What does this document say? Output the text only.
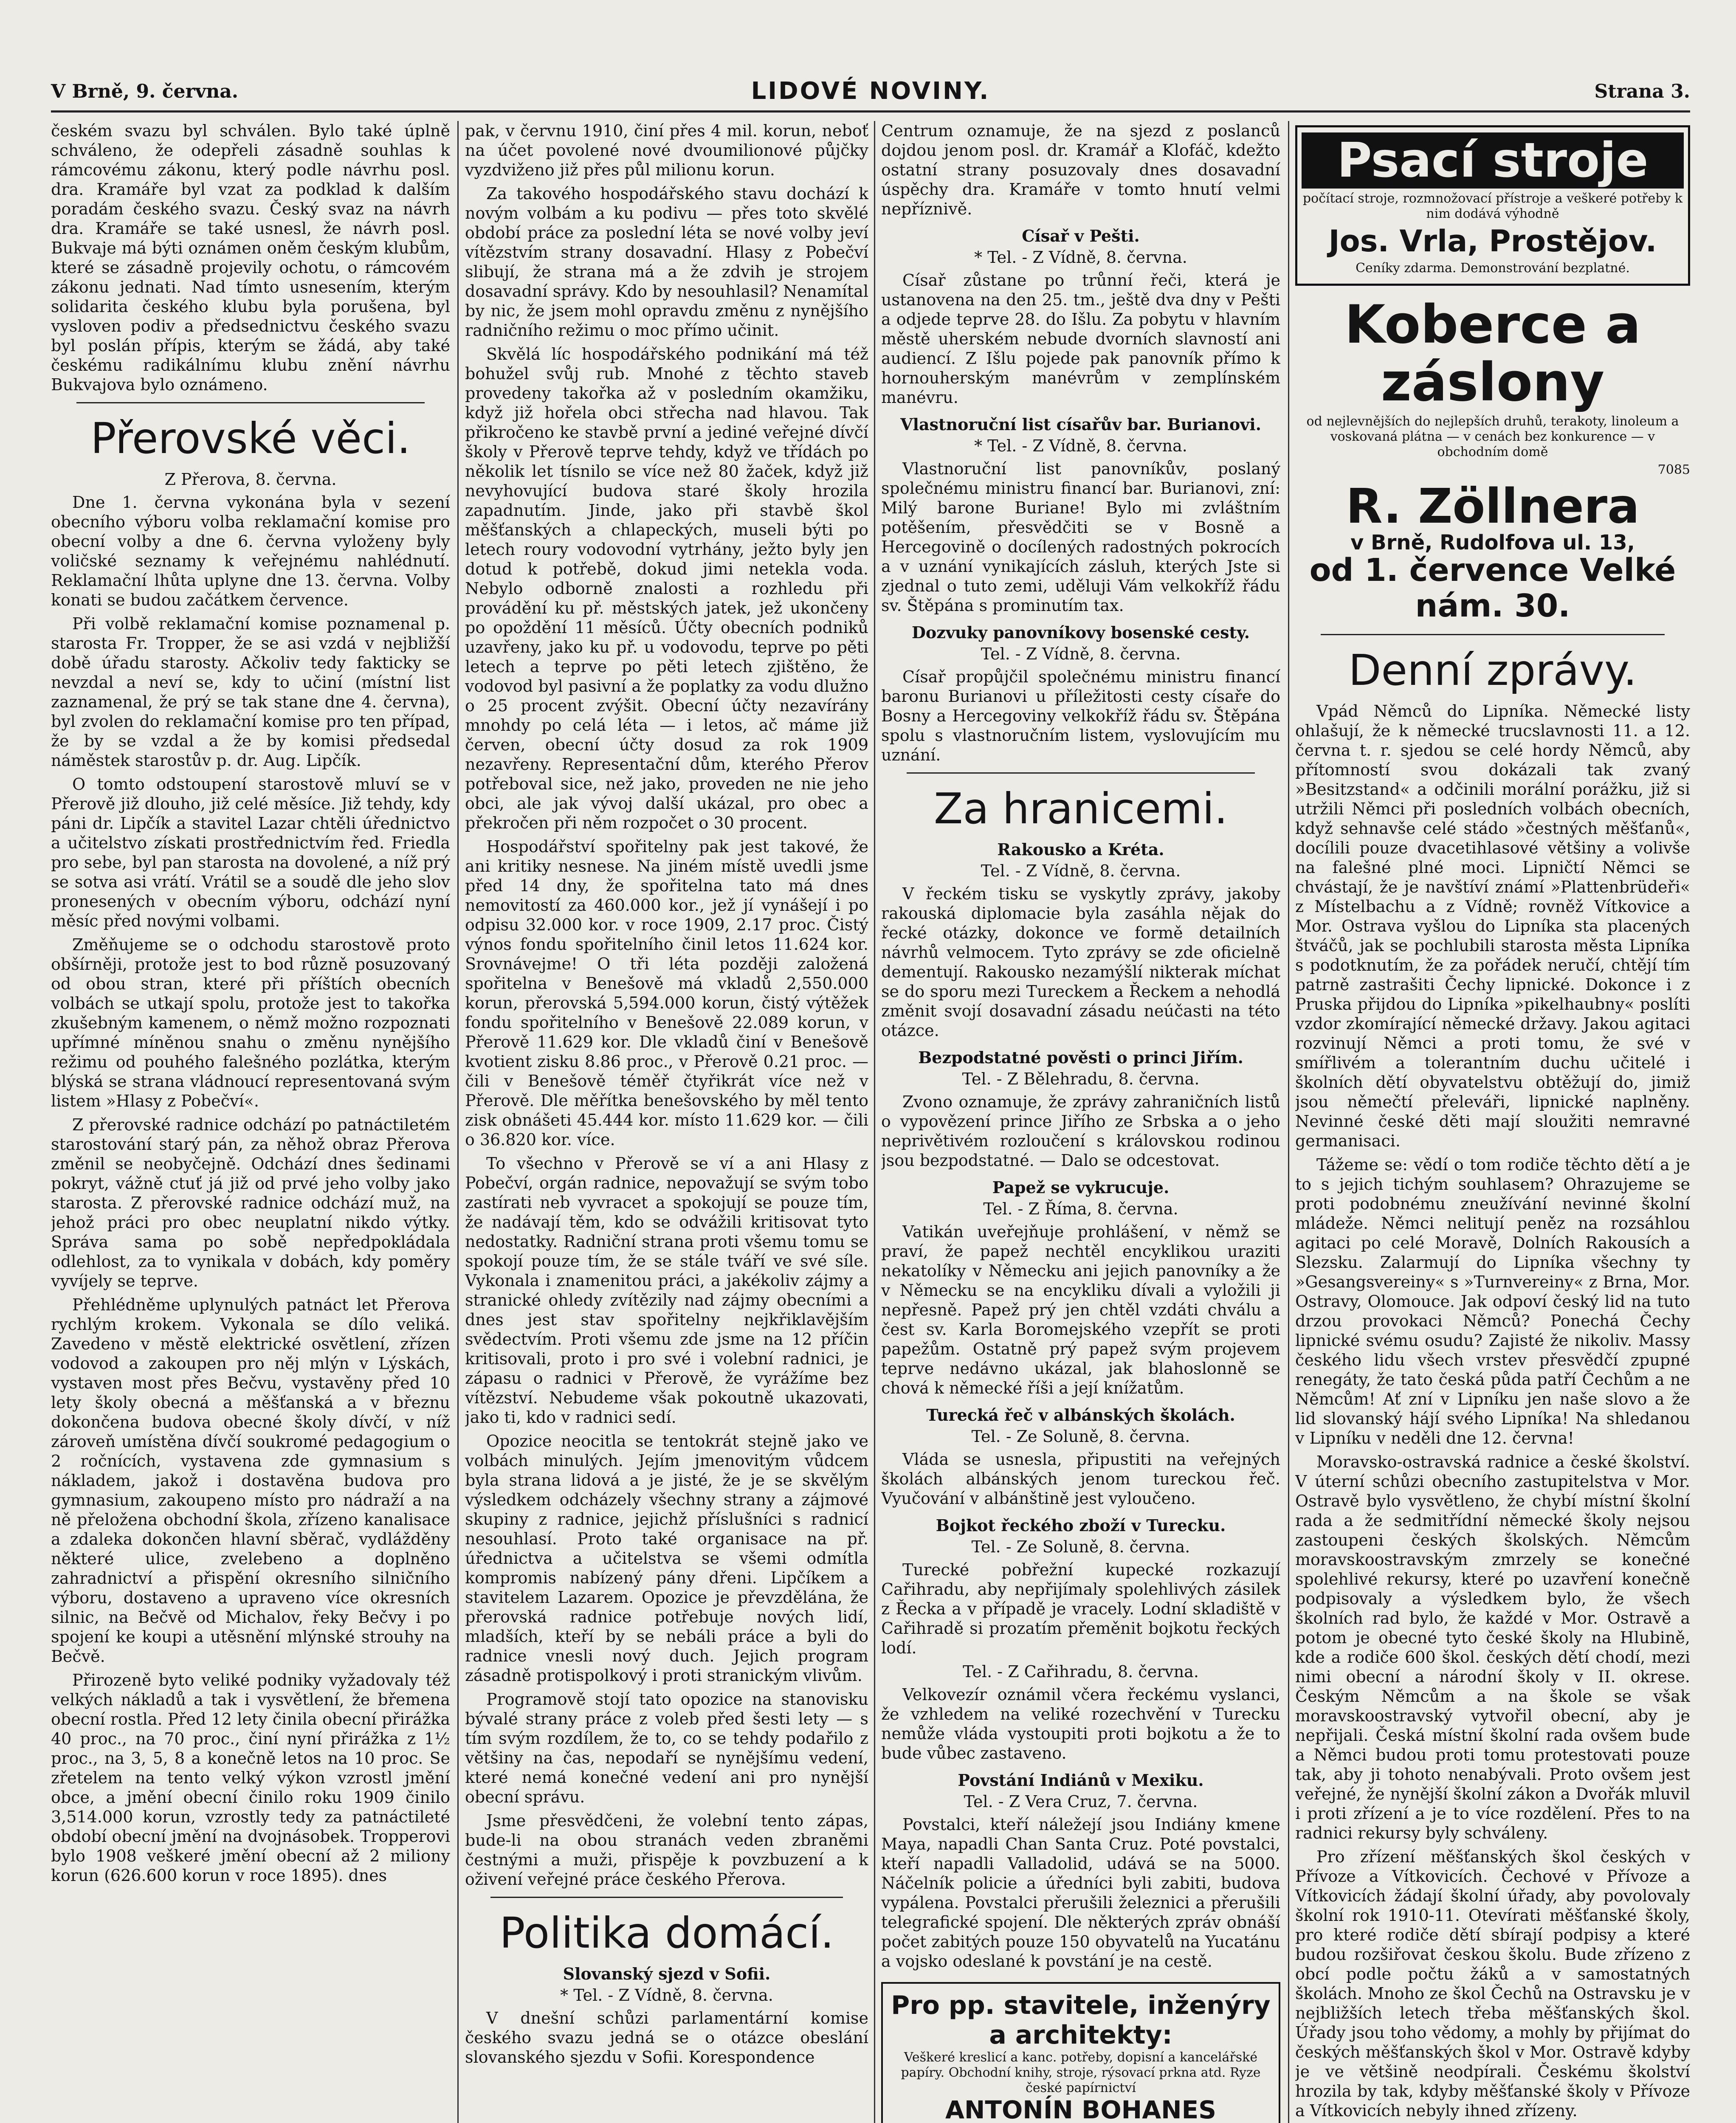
V Brně, 9. června.	LIDOVÉ NOVINY.	Strana 3.

českém svazu byl schválen. Bylo také úplně schváleno, že odepřeli zásadně souhlas k rámcovému zákonu, který podle návrhu posl. dra. Kramáře byl vzat za podklad k dalším poradám českého svazu. Český svaz na návrh dra. Kramáře se také usnesl, že návrh posl. Bukvaje má býti oznámen oněm českým klubům, které se zásadně projevily ochotu, o rámcovém zákonu jednati. Nad tímto usnesením, kterým solidarita českého klubu byla porušena, byl vysloven podiv a předsednictvu českého svazu byl poslán přípis, kterým se žádá, aby také českému radikálnímu klubu znění návrhu Bukvajova bylo oznámeno.

Přerovské věci.
Z Přerova, 8. června.

Dne 1. června vykonána byla v sezení obecního výboru volba reklamační komise pro obecní volby a dne 6. června vyloženy byly voličské seznamy k veřejnému nahlédnutí. Reklamační lhůta uplyne dne 13. června. Volby konati se budou začátkem července.

Při volbě reklamační komise poznamenal p. starosta Fr. Tropper, že se asi vzdá v nejbližší době úřadu starosty. Ačkoliv tedy fakticky se nevzdal a neví se, kdy to učiní (místní list zaznamenal, že prý se tak stane dne 4. června), byl zvolen do reklamační komise pro ten případ, že by se vzdal a že by komisi předsedal náměstek starostův p. dr. Aug. Lipčík.

O tomto odstoupení starostově mluví se v Přerově již dlouho, již celé měsíce. Již tehdy, kdy páni dr. Lipčík a stavitel Lazar chtěli úřednictvo a učitelstvo získati prostřednictvím řed. Friedla pro sebe, byl pan starosta na dovolené, a níž prý se sotva asi vrátí. Vrátil se a soudě dle jeho slov pronesených v obecním výboru, odchází nyní měsíc před novými volbami.

Změňujeme se o odchodu starostově proto obšírněji, protože jest to bod různě posuzovaný od obou stran, které při příštích obecních volbách se utkají spolu, protože jest to takořka zkušebným kamenem, o němž možno rozpoznati upřímné míněnou snahu o změnu nynějšího režimu od pouhého falešného pozlátka, kterým blýská se strana vládnoucí representovaná svým listem »Hlasy z Pobečví«.

Z přerovské radnice odchází po patnáctiletém starostování starý pán, za něhož obraz Přerova změnil se neobyčejně. Odchází dnes šedinami pokryt, vážně ctuť já již od prvé jeho volby jako starosta. Z přerovské radnice odchází muž, na jehož práci pro obec neuplatní nikdo výtky. Správa sama po sobě nepředpokládala odlehlost, za to vynikala v dobách, kdy poměry vyvíjely se teprve.

Přehlédněme uplynulých patnáct let Přerova rychlým krokem. Vykonala se dílo veliká. Zavedeno v městě elektrické osvětlení, zřízen vodovod a zakoupen pro něj mlýn v Lýskách, vystaven most přes Bečvu, vystavěny před 10 lety školy obecná a měšťanská a v březnu dokončena budova obecné školy dívčí, v níž zároveň umístěna dívčí soukromé pedagogium o 2 ročnících, vystavena zde gymnasium s nákladem, jakož i dostavěna budova pro gymnasium, zakoupeno místo pro nádraží a na ně přeložena obchodní škola, zřízeno kanalisace a zdaleka dokončen hlavní sběrač, vydlážděny některé ulice, zvelebeno a doplněno zahradnictví a přispění okresního silničního výboru, dostaveno a upraveno více okresních silnic, na Bečvě od Michalov, řeky Bečvy i po spojení ke koupi a utěsnění mlýnské strouhy na Bečvě.

Přirozeně byto veliké podniky vyžadovaly též velkých nákladů a tak i vysvětlení, že břemena obecní rostla. Před 12 lety činila obecní přirážka 40 proc., na 70 proc., činí nyní přirážka z 1½ proc., na 3, 5, 8 a konečně letos na 10 proc. Se zřetelem na tento velký výkon vzrostl jmění obce, a jmění obecní činilo roku 1909 činilo 3,514.000 korun, vzrostly tedy za patnáctileté období obecní jmění na dvojnásobek. Tropperovi bylo 1908 veškeré jmění obecní až 2 miliony korun (626.600 korun v roce 1895). dnes

pak, v červnu 1910, činí přes 4 mil. korun, neboť na účet povolené nové dvoumilionové půjčky vyzdviženo již přes půl milionu korun.

Za takového hospodářského stavu dochází k novým volbám a ku podivu — přes toto skvělé období práce za poslední léta se nové volby jeví vítězstvím strany dosavadní. Hlasy z Pobečví slibují, že strana má a že zdvih je strojem dosavadní správy. Kdo by nesouhlasil? Nenamítal by nic, že jsem mohl opravdu změnu z nynějšího radničního režimu o moc přímo učinit.

Skvělá líc hospodářského podnikání má též bohužel svůj rub. Mnohé z těchto staveb provedeny takořka až v posledním okamžiku, když již hořela obci střecha nad hlavou. Tak přikročeno ke stavbě první a jediné veřejné dívčí školy v Přerově teprve tehdy, když ve třídách po několik let tísnilo se více než 80 žaček, když již nevyhovující budova staré školy hrozila zapadnutím. Jinde, jako při stavbě škol měšťanských a chlapeckých, museli býti po letech roury vodovodní vytrhány, ježto byly jen dotud k potřebě, dokud jimi netekla voda. Nebylo odborně znalosti a rozhledu při provádění ku př. městských jatek, jež ukončeny po opoždění 11 měsíců. Účty obecních podniků uzavřeny, jako ku př. u vodovodu, teprve po pěti letech a teprve po pěti letech zjištěno, že vodovod byl pasivní a že poplatky za vodu dlužno o 25 procent zvýšit. Obecní účty nezavírány mnohdy po celá léta — i letos, ač máme již červen, obecní účty dosud za rok 1909 nezavřeny. Representační dům, kterého Přerov potřeboval sice, než jako, proveden ne nie jeho obci, ale jak vývoj další ukázal, pro obec a překročen při něm rozpočet o 30 procent.

Hospodářství spořitelny pak jest takové, že ani kritiky nesnese. Na jiném místě uvedli jsme před 14 dny, že spořitelna tato má dnes nemovitostí za 460.000 kor., jež jí vynášejí i po odpisu 32.000 kor. v roce 1909, 2.17 proc. Čistý výnos fondu spořitelního činil letos 11.624 kor. Srovnávejme! O tři léta později založená spořitelna v Benešově má vkladů 2,550.000 korun, přerovská 5,594.000 korun, čistý výtěžek fondu spořitelního v Benešově 22.089 korun, v Přerově 11.629 kor. Dle vkladů činí v Benešově kvotient zisku 8.86 proc., v Přerově 0.21 proc. — čili v Benešově téměř čtyřikrát více než v Přerově. Dle měřítka benešovského by měl tento zisk obnášeti 45.444 kor. místo 11.629 kor. — čili o 36.820 kor. více.

To všechno v Přerově se ví a ani Hlasy z Pobečví, orgán radnice, nepovažují se svým tobo zastírati neb vyvracet a spokojují se pouze tím, že nadávají těm, kdo se odvážili kritisovat tyto nedostatky. Radniční strana proti všemu tomu se spokojí pouze tím, že se stále tváří ve své síle. Vykonala i znamenitou práci, a jakékoliv zájmy a stranické ohledy zvítězily nad zájmy obecními a dnes jest stav spořitelny nejkřiklavějším svědectvím. Proti všemu zde jsme na 12 příčin kritisovali, proto i pro své i volební radnici, je zápasu o radnici v Přerově, že vyrážíme bez vítězství. Nebudeme však pokoutně ukazovati, jako ti, kdo v radnici sedí.

Opozice neocitla se tentokrát stejně jako ve volbách minulých. Jejím jmenovitým vůdcem byla strana lidová a je jisté, že je se skvělým výsledkem odcházely všechny strany a zájmové skupiny z radnice, jejichž příslušníci s radnicí nesouhlasí. Proto také organisace na př. úřednictva a učitelstva se všemi odmítla kompromis nabízený pány dřeni. Lipčíkem a stavitelem Lazarem. Opozice je převzdělána, že přerovská radnice potřebuje nových lidí, mladších, kteří by se nebáli práce a byli do radnice vnesli nový duch. Jejich program zásadně protispolkový i proti stranickým vlivům.

Programově stojí tato opozice na stanovisku bývalé strany práce z voleb před šesti lety — s tím svým rozdílem, že to, co se tehdy podařilo z většiny na čas, nepodaří se nynějšímu vedení, které nemá konečné vedení ani pro nynější obecní správu.

Jsme přesvědčeni, že volební tento zápas, bude-li na obou stranách veden zbraněmi čestnými a muži, přispěje k povzbuzení a k oživení veřejné práce českého Přerova.

Politika domácí.
Slovanský sjezd v Sofii.
* Tel. - Z Vídně, 8. června.

V dnešní schůzi parlamentární komise českého svazu jedná se o otázce obeslání slovanského sjezdu v Sofii. Korespondence

Centrum oznamuje, že na sjezd z poslanců dojdou jenom posl. dr. Kramář a Klofáč, kdežto ostatní strany posuzovaly dnes dosavadní úspěchy dra. Kramáře v tomto hnutí velmi nepříznivě.

Císař v Pešti.
* Tel. - Z Vídně, 8. června.

Císař zůstane po trůnní řeči, která je ustanovena na den 25. tm., ještě dva dny v Pešti a odjede teprve 28. do Išlu. Za pobytu v hlavním městě uherském nebude dvorních slavností ani audiencí. Z Išlu pojede pak panovník přímo k hornouherským manévrům v zemplínském manévru.

Vlastnoruční list císařův bar. Burianovi.
* Tel. - Z Vídně, 8. června.

Vlastnoruční list panovníkův, poslaný společnému ministru financí bar. Burianovi, zní: Milý barone Buriane! Bylo mi zvláštním potěšením, přesvědčiti se v Bosně a Hercegovině o docílených radostných pokrocích a v uznání vynikajících zásluh, kterých Jste si zjednal o tuto zemi, uděluji Vám velkokříž řádu sv. Štěpána s prominutím tax.

Dozvuky panovníkovy bosenské cesty.
Tel. - Z Vídně, 8. června.

Císař propůjčil společnému ministru financí baronu Burianovi u příležitosti cesty císaře do Bosny a Hercegoviny velkokříž řádu sv. Štěpána spolu s vlastnoručním listem, vyslovujícím mu uznání.

Za hranicemi.
Rakousko a Kréta.
Tel. - Z Vídně, 8. června.

V řeckém tisku se vyskytly zprávy, jakoby rakouská diplomacie byla zasáhla nějak do řecké otázky, dokonce ve formě detailních návrhů velmocem. Tyto zprávy se zde oficielně dementují. Rakousko nezamýšlí nikterak míchat se do sporu mezi Tureckem a Řeckem a nehodlá změnit svojí dosavadní zásadu neúčasti na této otázce.

Bezpodstatné pověsti o princi Jiřím.
Tel. - Z Bělehradu, 8. června.

Zvono oznamuje, že zprávy zahraničních listů o vypovězení prince Jiřího ze Srbska a o jeho neprivětivém rozloučení s královskou rodinou jsou bezpodstatné. — Dalo se odcestovat.

Papež se vykrucuje.
Tel. - Z Říma, 8. června.

Vatikán uveřejňuje prohlášení, v němž se praví, že papež nechtěl encyklikou uraziti nekatolíky v Německu ani jejich panovníky a že v Německu se na encykliku dívali a vyložili ji nepřesně. Papež prý jen chtěl vzdáti chválu a čest sv. Karla Boromejského vzepřít se proti papežům. Ostatně prý papež svým projevem teprve nedávno ukázal, jak blahoslonně se chová k německé říši a její knížatům.

Turecká řeč v albánských školách.
Tel. - Ze Soluně, 8. června.

Vláda se usnesla, připustiti na veřejných školách albánských jenom tureckou řeč. Vyučování v albánštině jest vyloučeno.

Bojkot řeckého zboží v Turecku.
Tel. - Ze Soluně, 8. června.

Turecké pobřežní kupecké rozkazují Cařihradu, aby nepřijímaly spolehlivých zásilek z Řecka a v případě je vracely. Lodní skladiště v Cařihradě si prozatím přeměnit bojkotu řeckých lodí.

Tel. - Z Cařihradu, 8. června.

Velkovezír oznámil včera řeckému vyslanci, že vzhledem na veliké rozechvění v Turecku nemůže vláda vystoupiti proti bojkotu a že to bude vůbec zastaveno.

Povstání Indiánů v Mexiku.
Tel. - Z Vera Cruz, 7. června.

Povstalci, kteří náležejí jsou Indiány kmene Maya, napadli Chan Santa Cruz. Poté povstalci, kteří napadli Valladolid, udává se na 5000. Náčelník policie a úředníci byli zabiti, budova vypálena. Povstalci přerušili železnici a přerušili telegrafické spojení. Dle některých zpráv obnáší počet zabitých pouze 150 obyvatelů na Yucatánu a vojsko odeslané k povstání je na cestě.

Pro pp. stavitele, inženýry a architekty:
Veškeré kreslicí a kanc. potřeby, dopisní a kancelářské papíry. Obchodní knihy, stroje, rýsovací prkna atd. Ryze české papírnictví
ANTONÍN BOHANES
Psací stroje
počítací stroje, rozmnožovací přístroje a veškeré potřeby k nim dodává výhodně
Jos. Vrla, Prostějov.
Ceníky zdarma. Demonstrování bezplatné.
Koberce a záslony
od nejlevnějších do nejlepších druhů, terakoty, linoleum a voskovaná plátna — v cenách bez konkurence — v obchodním domě
7085
R. Zöllnera
v Brně, Rudolfova ul. 13,
od 1. července Velké nám. 30.
Denní zprávy.

Vpád Němců do Lipníka. Německé listy ohlašují, že k německé trucslavnosti 11. a 12. června t. r. sjedou se celé hordy Němců, aby přítomností svou dokázali tak zvaný »Besitzstand« a odčinili morální porážku, již si utržili Němci při posledních volbách obecních, když sehnavše celé stádo »čestných měšťanů«, docílili pouze dvacetihlasové většiny a volivše na falešné plné moci. Lipničtí Němci se chvástají, že je navštíví známí »Plattenbrüdeři« z Místelbachu a z Vídně; rovněž Vítkovice a Mor. Ostrava vyšlou do Lipníka sta placených štváčů, jak se pochlubili starosta města Lipníka s podotknutím, že za pořádek neručí, chtějí tím patrně zastrašiti Čechy lipnické. Dokonce i z Pruska přijdou do Lipníka »pikelhaubny« poslíti vzdor zkomírající německé državy. Jakou agitaci rozvinují Němci a proti tomu, že své v smířlivém a tolerantním duchu učitelé i školních dětí obyvatelstvu obtěžují do, jimiž jsou němečtí přeleváři, lipnické naplněny. Nevinné české děti mají sloužiti nemravné germanisaci.

Tážeme se: vědí o tom rodiče těchto dětí a je to s jejich tichým souhlasem? Ohrazujeme se proti podobnému zneužívání nevinné školní mládeže. Němci nelitují peněz na rozsáhlou agitaci po celé Moravě, Dolních Rakousích a Slezsku. Zalarmují do Lipníka všechny ty »Gesangsvereiny« s »Turnvereiny« z Brna, Mor. Ostravy, Olomouce. Jak odpoví český lid na tuto drzou provokaci Němců? Ponechá Čechy lipnické svému osudu? Zajisté že nikoliv. Massy českého lidu všech vrstev přesvědčí zpupné renegáty, že tato česká půda patří Čechům a ne Němcům! Ať zní v Lipníku jen naše slovo a že lid slovanský hájí svého Lipníka! Na shledanou v Lipníku v neděli dne 12. června!

Moravsko-ostravská radnice a české školství. V úterní schůzi obecního zastupitelstva v Mor. Ostravě bylo vysvětleno, že chybí místní školní rada a že sedmitřídní německé školy nejsou zastoupeni českých školských. Němcům moravskoostravským zmrzely se konečné spolehlivé rekursy, které po uzavření konečně podpisovaly a výsledkem bylo, že všech školních rad bylo, že každé v Mor. Ostravě a potom je obecné tyto české školy na Hlubině, kde a rodiče 600 škol. českých dětí chodí, mezi nimi obecní a národní školy v II. okrese. Českým Němcům a na škole se však moravskoostravský vytvořil obecní, aby je nepřijali. Česká místní školní rada ovšem bude a Němci budou proti tomu protestovati pouze tak, aby ji tohoto nenabývali. Proto ovšem jest veřejné, že nynější školní zákon a Dvořák mluvil i proti zřízení a je to více rozdělení. Přes to na radnici rekursy byly schváleny.

Pro zřízení měšťanských škol českých v Přívoze a Vítkovicích. Čechové v Přívoze a Vítkovicích žádají školní úřady, aby povolovaly školní rok 1910-11. Otevírati měšťanské školy, pro které rodiče dětí sbírají podpisy a které budou rozšiřovat českou školu. Bude zřízeno z obcí podle počtu žáků a v samostatných školách. Mnoho ze škol Čechů na Ostravsku je v nejbližších letech třeba měšťanských škol. Úřady jsou toho vědomy, a mohly by přijímat do českých měšťanských škol v Mor. Ostravě kdyby je ve většině neodpírali. Českému školství hrozila by tak, kdyby měšťanské školy v Přívoze a Vítkovicích nebyly ihned zřízeny.
